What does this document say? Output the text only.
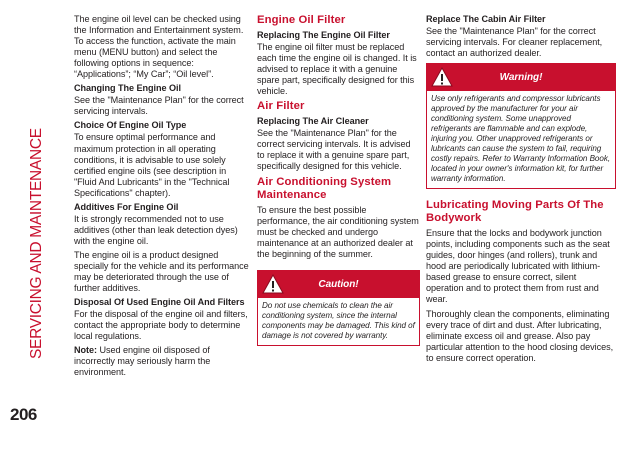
SERVICING AND MAINTENANCE
206

The engine oil level can be checked using the Information and Entertainment system. To access the function, activate the main menu (MENU button) and select the following options in sequence: “Applications”; “My Car”; “Oil level”.

Changing The Engine Oil

See the "Maintenance Plan" for the correct servicing intervals.

Choice Of Engine Oil Type

To ensure optimal performance and maximum protection in all operating conditions, it is advisable to use solely certified engine oils (see description in "Fluid And Lubricants" in the "Technical Specifications" chapter).

Additives For Engine Oil

It is strongly recommended not to use additives (other than leak detection dyes) with the engine oil.

The engine oil is a product designed specially for the vehicle and its performance may be deteriorated through the use of further additives.

Disposal Of Used Engine Oil And Filters

For the disposal of the engine oil and filters, contact the appropriate body to determine local regulations.

Note: Used engine oil disposed of incorrectly may seriously harm the environment.

Engine Oil Filter
Replacing The Engine Oil Filter

The engine oil filter must be replaced each time the engine oil is changed. It is advised to replace it with a genuine spare part, specifically designed for this vehicle.

Air Filter
Replacing The Air Cleaner

See the "Maintenance Plan" for the correct servicing intervals. It is advised to replace it with a genuine spare part, specifically designed for this vehicle.

Air Conditioning System Maintenance

To ensure the best possible performance, the air conditioning system must be checked and undergo maintenance at an authorized dealer at the beginning of the summer.

Caution!
Do not use chemicals to clean the air conditioning system, since the internal components may be damaged. This kind of damage is not covered by warranty.
Replace The Cabin Air Filter

See the "Maintenance Plan" for the correct servicing intervals. For cleaner replacement, contact an authorized dealer.

Warning!
Use only refrigerants and compressor lubricants approved by the manufacturer for your air conditioning system. Some unapproved refrigerants are flammable and can explode, injuring you. Other unapproved refrigerants or lubricants can cause the system to fail, requiring costly repairs. Refer to Warranty Information Book, located in your owner's information kit, for further warranty information.
Lubricating Moving Parts Of The Bodywork

Ensure that the locks and bodywork junction points, including components such as the seat guides, door hinges (and rollers), trunk and hood are periodically lubricated with lithium-based grease to ensure correct, silent operation and to protect them from rust and wear.

Thoroughly clean the components, eliminating every trace of dirt and dust. After lubricating, eliminate excess oil and grease. Also pay particular attention to the hood closing devices, to ensure correct operation.
